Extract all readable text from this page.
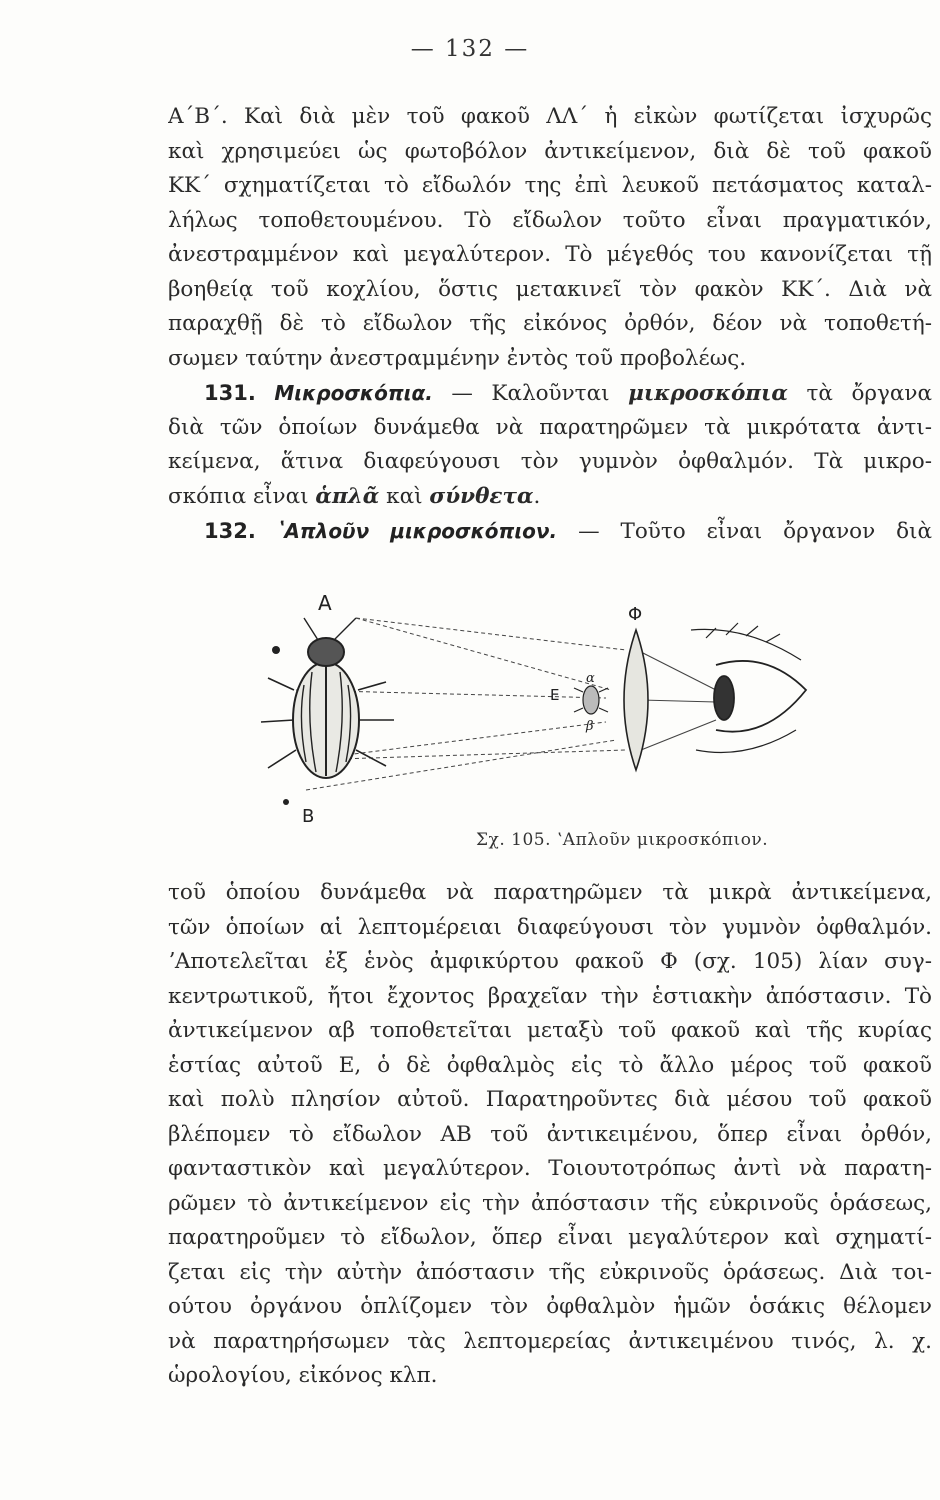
— 132 —
Α΄Β΄. Καὶ διὰ μὲν τοῦ φακοῦ ΛΛ΄ ἡ εἰκὼν φωτίζεται ἰσχυρῶς
καὶ χρησιμεύει ὡς φωτοβόλον ἀντικείμενον, διὰ δὲ τοῦ φακοῦ
ΚΚ΄ σχηματίζεται τὸ εἴδωλόν της ἐπὶ λευκοῦ πετάσματος καταλ-
λήλως τοποθετουμένου. Τὸ εἴδωλον τοῦτο εἶναι πραγματικόν,
ἀνεστραμμένον καὶ μεγαλύτερον. Τὸ μέγεθός του κανονίζεται τῇ
βοηθείᾳ τοῦ κοχλίου, ὅστις μετακινεῖ τὸν φακὸν ΚΚ΄. Διὰ νὰ
παραχθῇ δὲ τὸ εἴδωλον τῆς εἰκόνος ὀρθόν, δέον νὰ τοποθετή-
σωμεν ταύτην ἀνεστραμμένην ἐντὸς τοῦ προβολέως.
131. Μικροσκόπια. — Καλοῦνται μικροσκόπια τὰ ὄργανα
διὰ τῶν ὁποίων δυνάμεθα νὰ παρατηρῶμεν τὰ μικρότατα ἀντι-
κείμενα, ἅτινα διαφεύγουσι τὸν γυμνὸν ὀφθαλμόν. Τὰ μικρο-
σκόπια εἶναι ἁπλᾶ καὶ σύνθετα.
132. ʽΑπλοῦν μικροσκόπιον. — Τοῦτο εἶναι ὄργανον διὰ
A
B
Φ
E
α
β
Σχ. 105. ʽΑπλοῦν μικροσκόπιον.
τοῦ ὁποίου δυνάμεθα νὰ παρατηρῶμεν τὰ μικρὰ ἀντικείμενα,
τῶν ὁποίων αἱ λεπτομέρειαι διαφεύγουσι τὸν γυμνὸν ὀφθαλμόν.
ʼΑποτελεῖται ἐξ ἑνὸς ἀμφικύρτου φακοῦ Φ (σχ. 105) λίαν συγ-
κεντρωτικοῦ, ἤτοι ἔχοντος βραχεῖαν τὴν ἑστιακὴν ἀπόστασιν. Τὸ
ἀντικείμενον αβ τοποθετεῖται μεταξὺ τοῦ φακοῦ καὶ τῆς κυρίας
ἑστίας αὐτοῦ Ε, ὁ δὲ ὀφθαλμὸς εἰς τὸ ἄλλο μέρος τοῦ φακοῦ
καὶ πολὺ πλησίον αὐτοῦ. Παρατηροῦντες διὰ μέσου τοῦ φακοῦ
βλέπομεν τὸ εἴδωλον ΑΒ τοῦ ἀντικειμένου, ὅπερ εἶναι ὀρθόν,
φανταστικὸν καὶ μεγαλύτερον. Τοιουτοτρόπως ἀντὶ νὰ παρατη-
ρῶμεν τὸ ἀντικείμενον εἰς τὴν ἀπόστασιν τῆς εὐκρινοῦς ὁράσεως,
παρατηροῦμεν τὸ εἴδωλον, ὅπερ εἶναι μεγαλύτερον καὶ σχηματί-
ζεται εἰς τὴν αὐτὴν ἀπόστασιν τῆς εὐκρινοῦς ὁράσεως. Διὰ τοι-
ούτου ὀργάνου ὁπλίζομεν τὸν ὀφθαλμὸν ἡμῶν ὁσάκις θέλομεν
νὰ παρατηρήσωμεν τὰς λεπτομερείας ἀντικειμένου τινός, λ. χ.
ὡρολογίου, εἰκόνος κλπ.
